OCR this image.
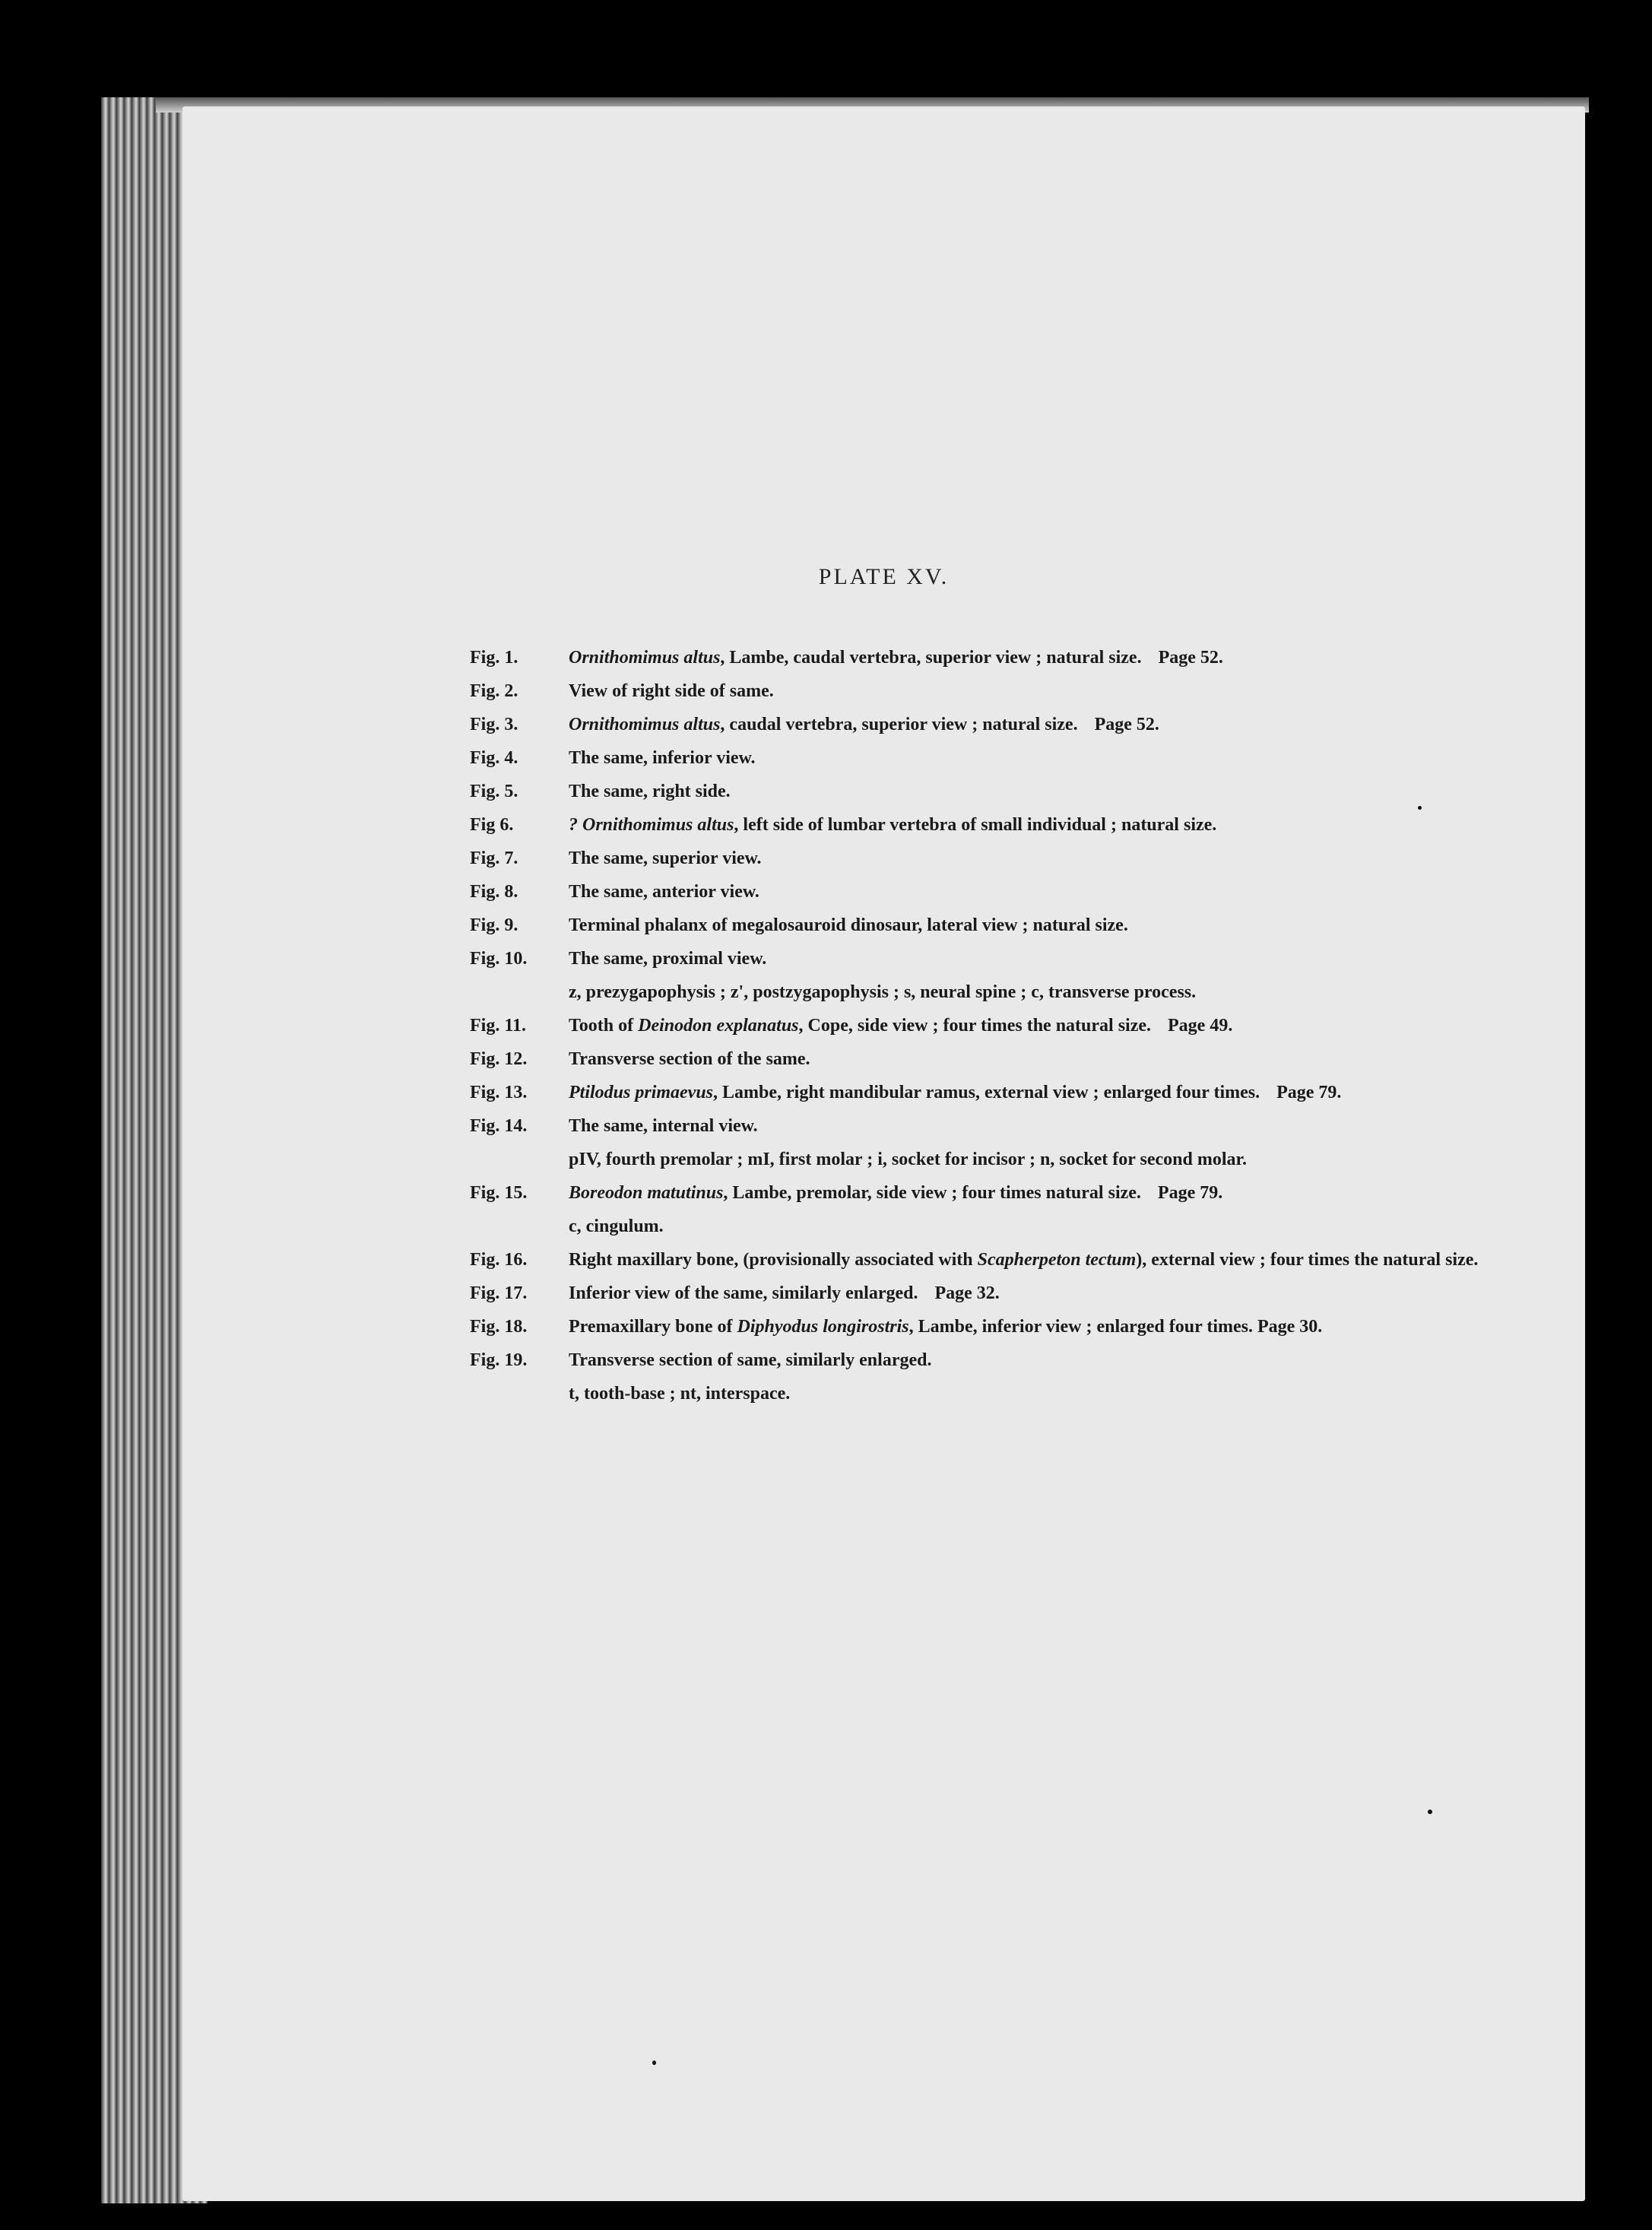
PLATE XV.
Fig. 1.	Ornithomimus altus, Lambe, caudal vertebra, superior view ; natural size. Page 52.
Fig. 2.	View of right side of same.
Fig. 3.	Ornithomimus altus, caudal vertebra, superior view ; natural size. Page 52.
Fig. 4.	The same, inferior view.
Fig. 5.	The same, right side.
Fig 6.	? Ornithomimus altus, left side of lumbar vertebra of small individual ; natural size.
Fig. 7.	The same, superior view.
Fig. 8.	The same, anterior view.
Fig. 9.	Terminal phalanx of megalosauroid dinosaur, lateral view ; natural size.
Fig. 10.	The same, proximal view.
z, prezygapophysis ; z', postzygapophysis ; s, neural spine ; c, transverse process.
Fig. 11.	Tooth of Deinodon explanatus, Cope, side view ; four times the natural size. Page 49.
Fig. 12.	Transverse section of the same.
Fig. 13.	Ptilodus primaevus, Lambe, right mandibular ramus, external view ; enlarged four times. Page 79.
Fig. 14.	The same, internal view.
pIV, fourth premolar ; mI, first molar ; i, socket for incisor ; n, socket for second molar.
Fig. 15.	Boreodon matutinus, Lambe, premolar, side view ; four times natural size. Page 79.
c, cingulum.
Fig. 16.	Right maxillary bone, (provisionally associated with Scapherpeton tectum), external view ; four times the natural size.
Fig. 17.	Inferior view of the same, similarly enlarged. Page 32.
Fig. 18.	Premaxillary bone of Diphyodus longirostris, Lambe, inferior view ; enlarged four times. Page 30.
Fig. 19.	Transverse section of same, similarly enlarged.
t, tooth-base ; nt, interspace.
